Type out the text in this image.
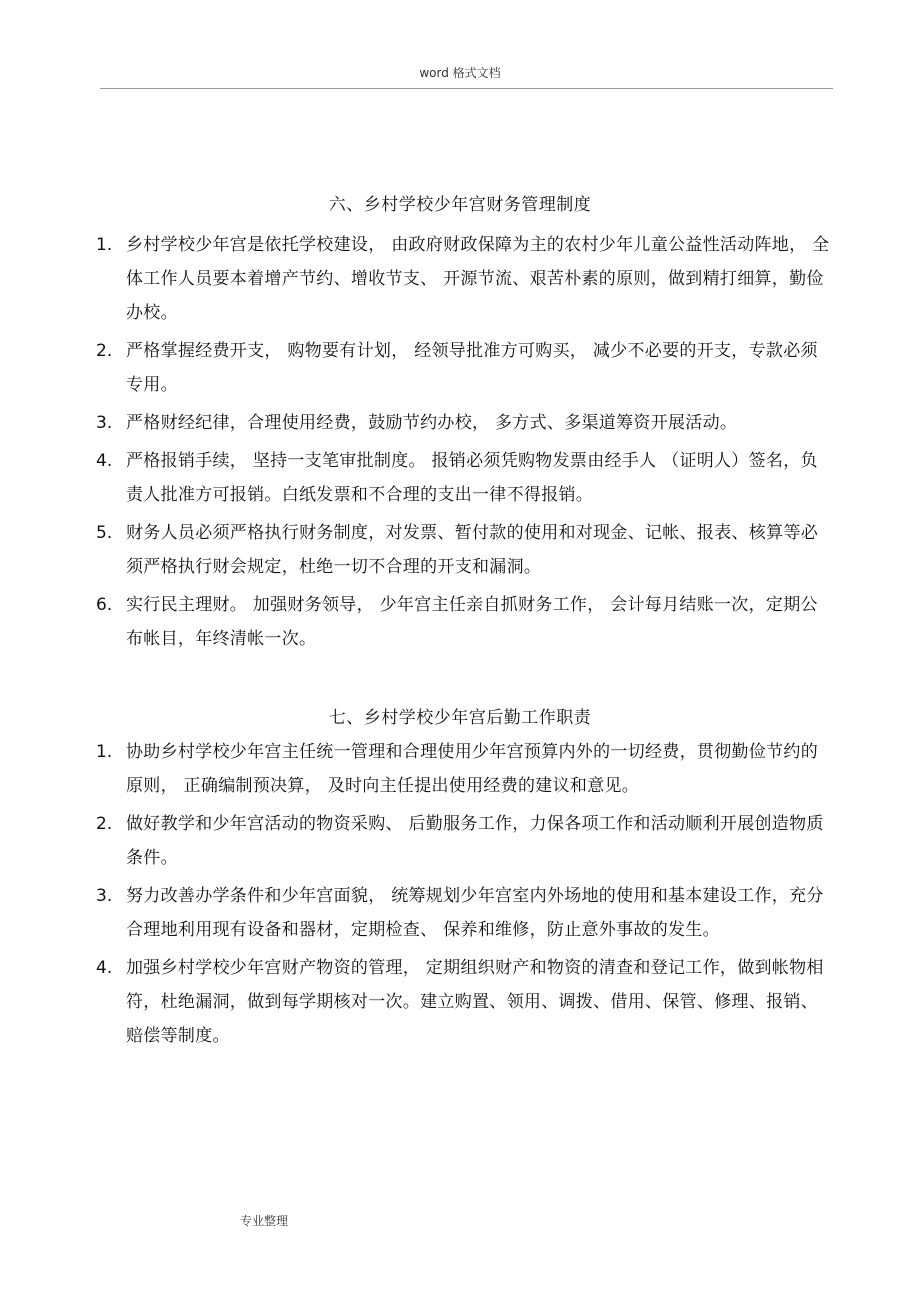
word 格式文档
六、乡村学校少年宫财务管理制度
1. 乡村学校少年宫是依托学校建设， 由政府财政保障为主的农村少年儿童公益性活动阵地， 全体工作人员要本着增产节约、增收节支、 开源节流、艰苦朴素的原则，做到精打细算，勤俭办校。
2. 严格掌握经费开支， 购物要有计划， 经领导批准方可购买， 减少不必要的开支，专款必须专用。
3. 严格财经纪律，合理使用经费，鼓励节约办校， 多方式、多渠道筹资开展活动。
4. 严格报销手续， 坚持一支笔审批制度。 报销必须凭购物发票由经手人 （证明人）签名，负责人批准方可报销。白纸发票和不合理的支出一律不得报销。
5. 财务人员必须严格执行财务制度，对发票、暂付款的使用和对现金、记帐、报表、核算等必须严格执行财会规定，杜绝一切不合理的开支和漏洞。
6. 实行民主理财。 加强财务领导， 少年宫主任亲自抓财务工作， 会计每月结账一次，定期公布帐目，年终清帐一次。
七、乡村学校少年宫后勤工作职责
1. 协助乡村学校少年宫主任统一管理和合理使用少年宫预算内外的一切经费，贯彻勤俭节约的原则， 正确编制预决算， 及时向主任提出使用经费的建议和意见。
2. 做好教学和少年宫活动的物资采购、 后勤服务工作，力保各项工作和活动顺利开展创造物质条件。
3. 努力改善办学条件和少年宫面貌， 统筹规划少年宫室内外场地的使用和基本建设工作，充分合理地利用现有设备和器材，定期检查、 保养和维修，防止意外事故的发生。
4. 加强乡村学校少年宫财产物资的管理， 定期组织财产和物资的清查和登记工作，做到帐物相符，杜绝漏洞，做到每学期核对一次。建立购置、领用、调拨、借用、保管、修理、报销、赔偿等制度。
专业整理
